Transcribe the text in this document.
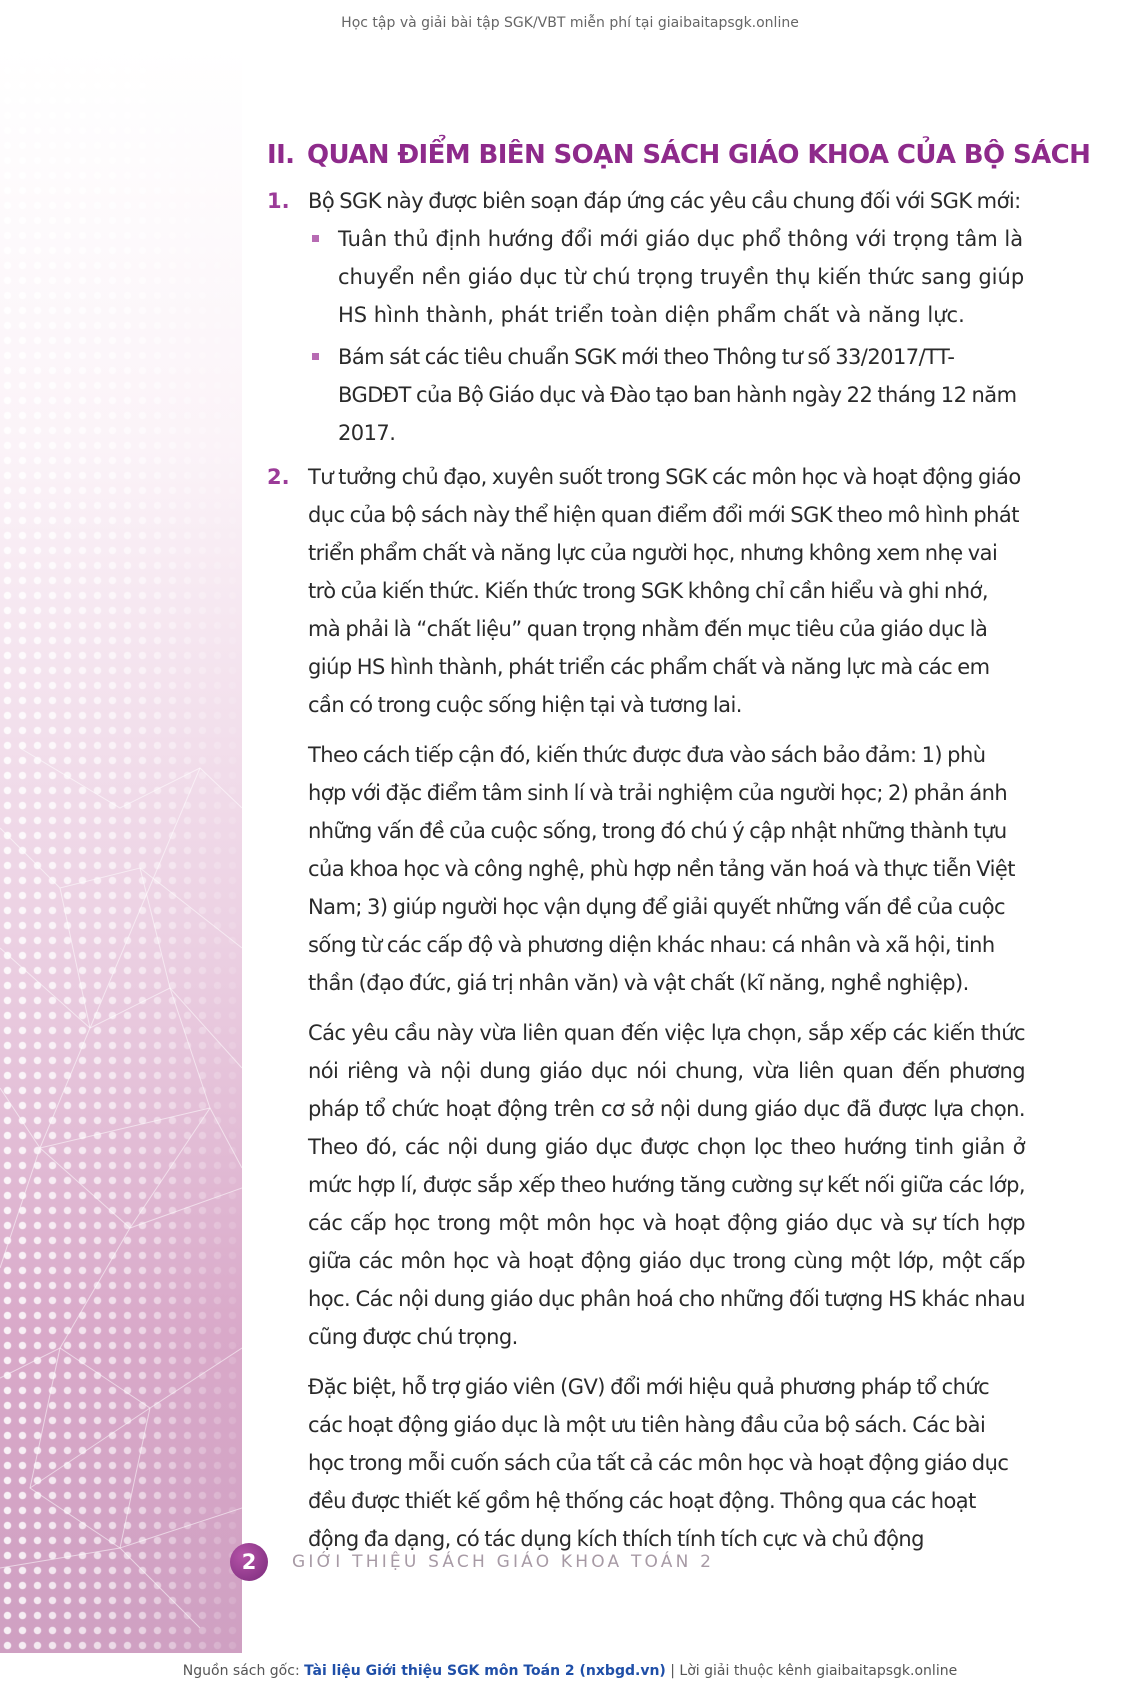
Học tập và giải bài tập SGK/VBT miễn phí tại giaibaitapsgk.online
II. QUAN ĐIỂM BIÊN SOẠN SÁCH GIÁO KHOA CỦA BỘ SÁCH
1. Bộ SGK này được biên soạn đáp ứng các yêu cầu chung đối với SGK mới:

Tuân thủ định hướng đổi mới giáo dục phổ thông với trọng tâm là chuyển nền giáo dục từ chú trọng truyền thụ kiến thức sang giúp HS hình thành, phát triển toàn diện phẩm chất và năng lực.
Bám sát các tiêu chuẩn SGK mới theo Thông tư số 33/2017/TT-BGDĐT của Bộ Giáo dục và Đào tạo ban hành ngày 22 tháng 12 năm 2017.
2. Tư tưởng chủ đạo, xuyên suốt trong SGK các môn học và hoạt động giáo dục của bộ sách này thể hiện quan điểm đổi mới SGK theo mô hình phát triển phẩm chất và năng lực của người học, nhưng không xem nhẹ vai trò của kiến thức. Kiến thức trong SGK không chỉ cần hiểu và ghi nhớ, mà phải là “chất liệu” quan trọng nhằm đến mục tiêu của giáo dục là giúp HS hình thành, phát triển các phẩm chất và năng lực mà các em cần có trong cuộc sống hiện tại và tương lai.

Theo cách tiếp cận đó, kiến thức được đưa vào sách bảo đảm: 1) phù hợp với đặc điểm tâm sinh lí và trải nghiệm của người học; 2) phản ánh những vấn đề của cuộc sống, trong đó chú ý cập nhật những thành tựu của khoa học và công nghệ, phù hợp nền tảng văn hoá và thực tiễn Việt Nam; 3) giúp người học vận dụng để giải quyết những vấn đề của cuộc sống từ các cấp độ và phương diện khác nhau: cá nhân và xã hội, tinh thần (đạo đức, giá trị nhân văn) và vật chất (kĩ năng, nghề nghiệp).

Các yêu cầu này vừa liên quan đến việc lựa chọn, sắp xếp các kiến thức nói riêng và nội dung giáo dục nói chung, vừa liên quan đến phương pháp tổ chức hoạt động trên cơ sở nội dung giáo dục đã được lựa chọn. Theo đó, các nội dung giáo dục được chọn lọc theo hướng tinh giản ở mức hợp lí, được sắp xếp theo hướng tăng cường sự kết nối giữa các lớp, các cấp học trong một môn học và hoạt động giáo dục và sự tích hợp giữa các môn học và hoạt động giáo dục trong cùng một lớp, một cấp học. Các nội dung giáo dục phân hoá cho những đối tượng HS khác nhau cũng được chú trọng.

Đặc biệt, hỗ trợ giáo viên (GV) đổi mới hiệu quả phương pháp tổ chức các hoạt động giáo dục là một ưu tiên hàng đầu của bộ sách. Các bài học trong mỗi cuốn sách của tất cả các môn học và hoạt động giáo dục đều được thiết kế gồm hệ thống các hoạt động. Thông qua các hoạt động đa dạng, có tác dụng kích thích tính tích cực và chủ động

2	GIỚI THIỆU SÁCH GIÁO KHOA TOÁN 2
Nguồn sách gốc: Tài liệu Giới thiệu SGK môn Toán 2 (nxbgd.vn) | Lời giải thuộc kênh giaibaitapsgk.online
